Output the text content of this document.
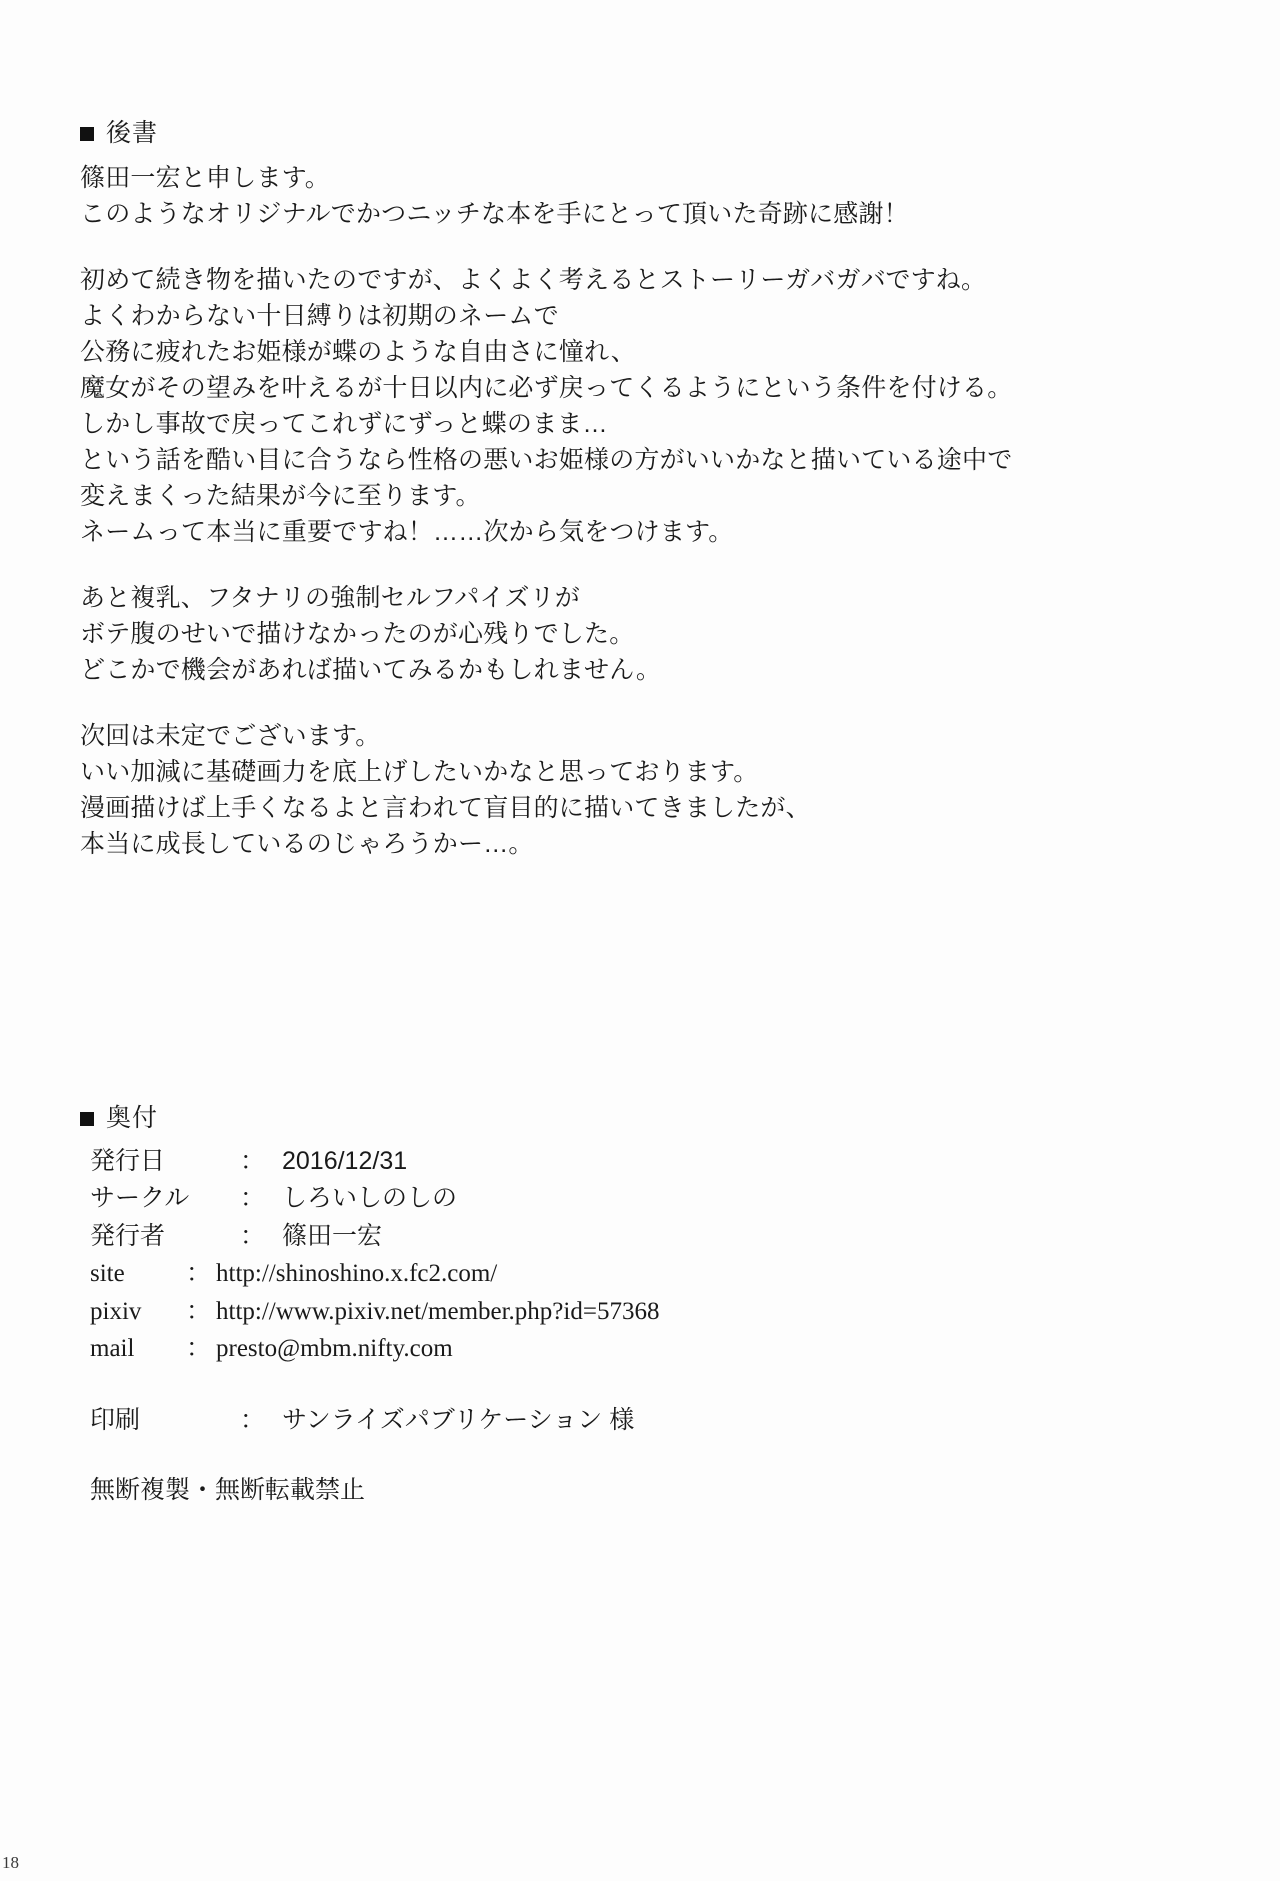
後書
篠田一宏と申します。
このようなオリジナルでかつニッチな本を手にとって頂いた奇跡に感謝！
初めて続き物を描いたのですが、よくよく考えるとストーリーガバガバですね。
よくわからない十日縛りは初期のネームで
公務に疲れたお姫様が蝶のような自由さに憧れ、
魔女がその望みを叶えるが十日以内に必ず戻ってくるようにという条件を付ける。
しかし事故で戻ってこれずにずっと蝶のまま…
という話を酷い目に合うなら性格の悪いお姫様の方がいいかなと描いている途中で
変えまくった結果が今に至ります。
ネームって本当に重要ですね！……次から気をつけます。
あと複乳、フタナリの強制セルフパイズリが
ボテ腹のせいで描けなかったのが心残りでした。
どこかで機会があれば描いてみるかもしれません。
次回は未定でございます。
いい加減に基礎画力を底上げしたいかなと思っております。
漫画描けば上手くなるよと言われて盲目的に描いてきましたが、
本当に成長しているのじゃろうかー…。
奥付
発行日	： 2016/12/31
サークル	： しろいしのしの
発行者	： 篠田一宏
site	： http://shinoshino.x.fc2.com/
pixiv	： http://www.pixiv.net/member.php?id=57368
mail	： presto@mbm.nifty.com
印刷	： サンライズパブリケーション 様
無断複製・無断転載禁止
18
